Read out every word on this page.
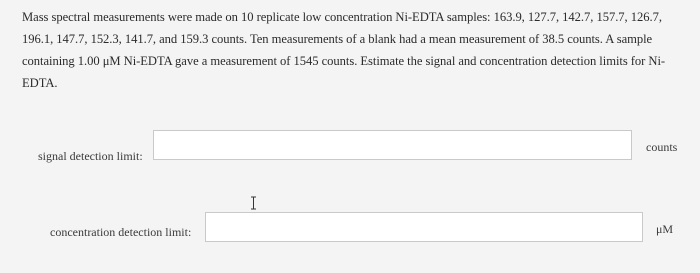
Mass spectral measurements were made on 10 replicate low concentration Ni-EDTA samples: 163.9, 127.7, 142.7, 157.7, 126.7, 196.1, 147.7, 152.3, 141.7, and 159.3 counts. Ten measurements of a blank had a mean measurement of 38.5 counts. A sample containing 1.00 μM Ni-EDTA gave a measurement of 1545 counts. Estimate the signal and concentration detection limits for Ni-EDTA.
signal detection limit:
counts
concentration detection limit:	μM
